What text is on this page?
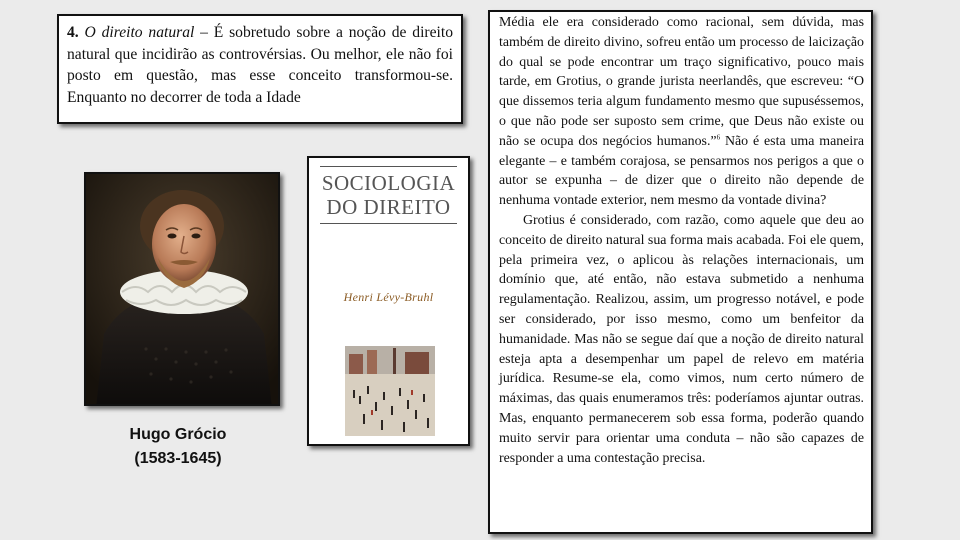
4. O direito natural – É sobretudo sobre a noção de direito natural que incidirão as controvérsias. Ou melhor, ele não foi posto em questão, mas esse conceito transformou-se. Enquanto no decorrer de toda a Idade

Hugo Grócio
(1583-1645)
SOCIOLOGIA
DO DIREITO
Henri Lévy-Bruhl

Média ele era considerado como racional, sem dúvida, mas também de direito divino, sofreu então um processo de laicização do qual se pode encontrar um traço significativo, pouco mais tarde, em Grotius, o grande jurista neerlandês, que escreveu: “O que dissemos teria algum fundamento mesmo que supuséssemos, o que não pode ser suposto sem crime, que Deus não existe ou não se ocupa dos negócios humanos.”$^6$ Não é esta uma maneira elegante – e também corajosa, se pensarmos nos perigos a que o autor se expunha – de dizer que o direito não depende de nenhuma vontade exterior, nem mesmo da vontade divina?

Grotius é considerado, com razão, como aquele que deu ao conceito de direito natural sua forma mais acabada. Foi ele quem, pela primeira vez, o aplicou às relações internacionais, um domínio que, até então, não estava submetido a nenhuma regulamentação. Realizou, assim, um progresso notável, e pode ser considerado, por isso mesmo, como um benfeitor da humanidade. Mas não se segue daí que a noção de direito natural esteja apta a desempenhar um papel de relevo em matéria jurídica. Resume-se ela, como vimos, num certo número de máximas, das quais enumeramos três: poderíamos ajuntar outras. Mas, enquanto permanecerem sob essa forma, poderão quando muito servir para orientar uma conduta – não são capazes de responder a uma contestação precisa.
